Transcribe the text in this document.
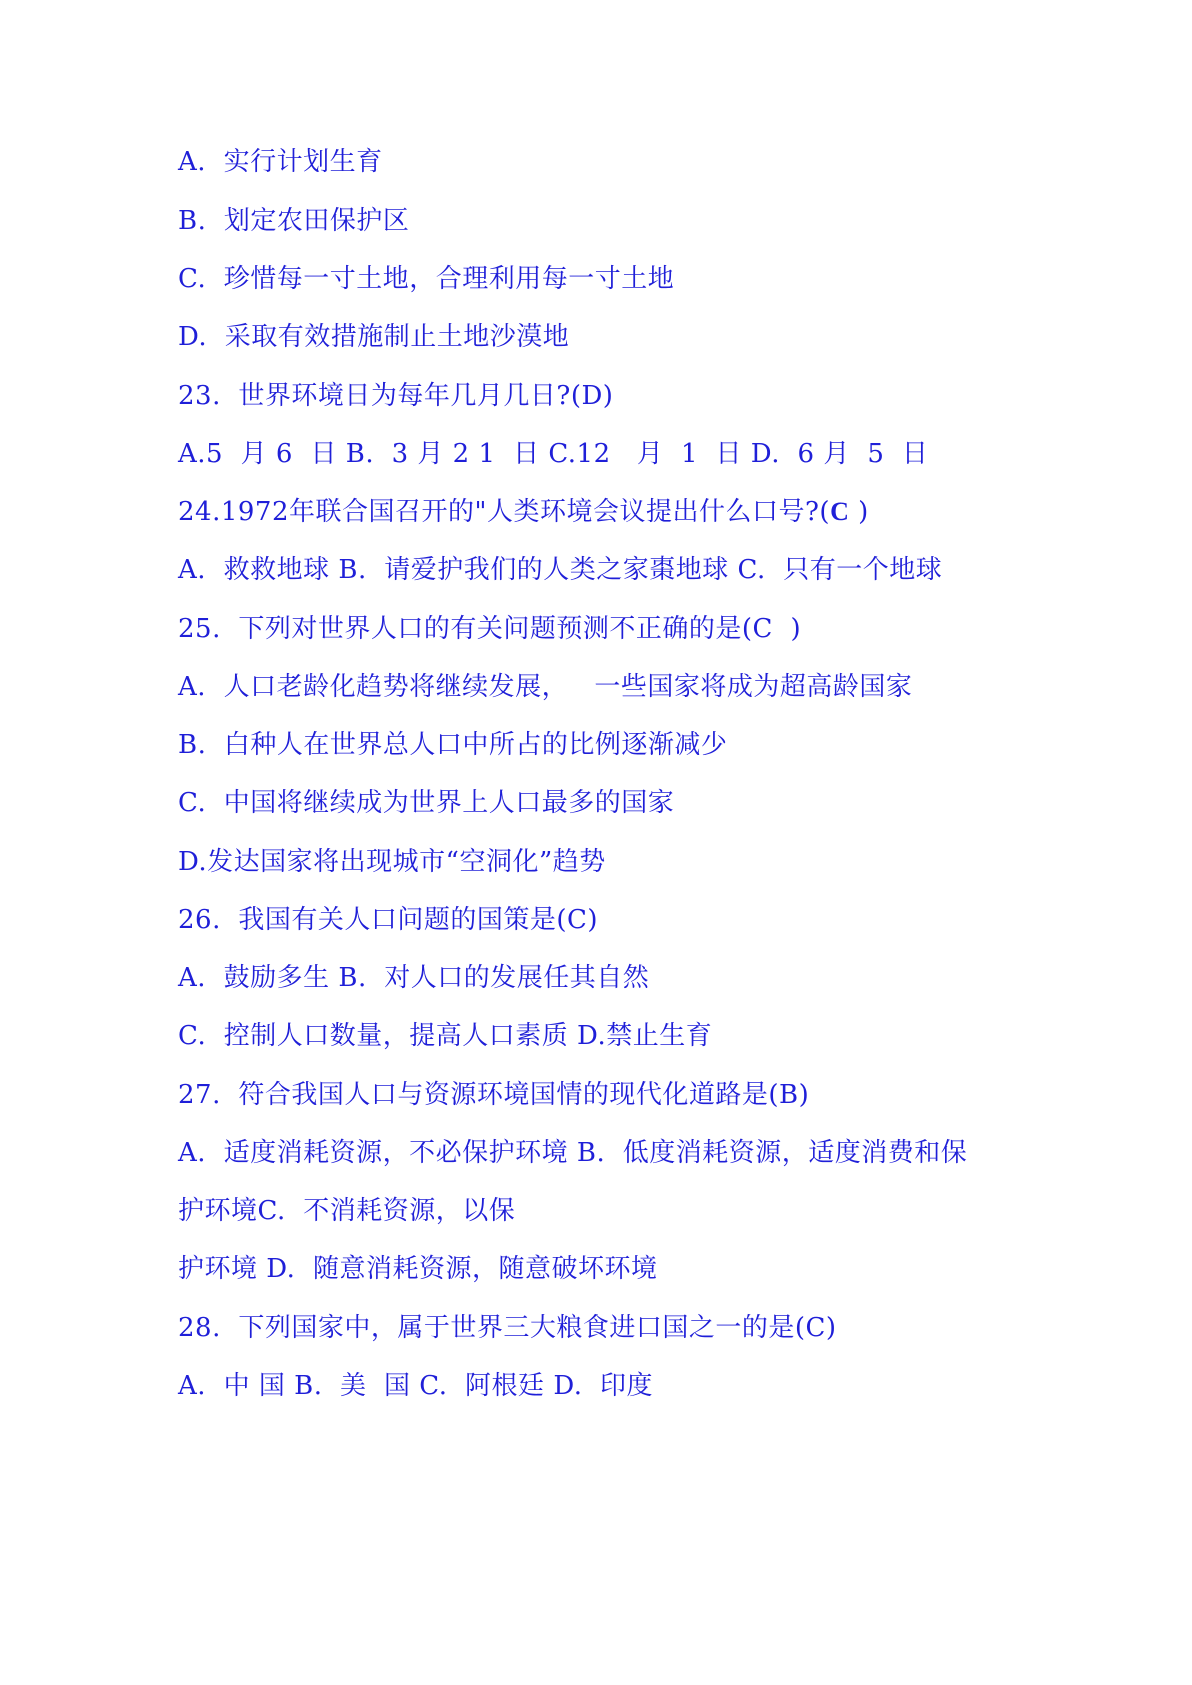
A.  实行计划生育
B.  划定农田保护区
C.  珍惜每一寸土地，合理利用每一寸土地
D.  采取有效措施制止土地沙漠地
23.  世界环境日为每年几月几日?(D)
A.5  月 6  日 B.  3 月 2 1  日 C.12   月  1  日 D.  6 月  5  日
24.1972年联合国召开的"人类环境会议提出什么口号?(C )
A.  救救地球 B.  请爱护我们的人类之家棗地球 C.  只有一个地球
25.  下列对世界人口的有关问题预测不正确的是(C  )
A.  人口老龄化趋势将继续发展，   一些国家将成为超高龄国家
B.  白种人在世界总人口中所占的比例逐渐减少
C.  中国将继续成为世界上人口最多的国家
D.发达国家将出现城市“空洞化”趋势
26.  我国有关人口问题的国策是(C)
A.  鼓励多生 B.  对人口的发展任其自然
C.  控制人口数量，提高人口素质 D.禁止生育
27.  符合我国人口与资源环境国情的现代化道路是(B)
A.  适度消耗资源，不必保护环境 B.  低度消耗资源，适度消费和保
护环境C.  不消耗资源，以保
护环境 D.  随意消耗资源，随意破坏环境
28.  下列国家中，属于世界三大粮食进口国之一的是(C)
A.  中 国 B.  美  国 C.  阿根廷 D.  印度
